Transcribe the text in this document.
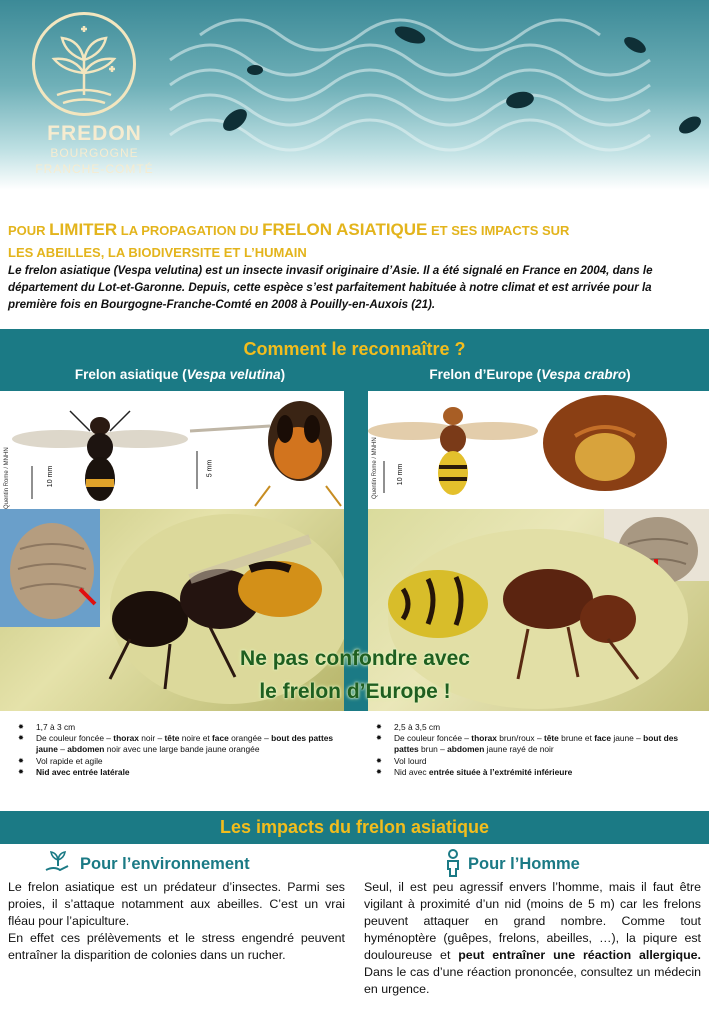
FREDON
BOURGOGNE
FRANCHE-COMTÉ
POUR LIMITER LA PROPAGATION DU FRELON ASIATIQUE ET SES IMPACTS SUR
LES ABEILLES, LA BIODIVERSITE ET L’HUMAIN
Le frelon asiatique (Vespa velutina) est un insecte invasif originaire d’Asie. Il a été signalé en France en 2004, dans le département du Lot-et-Garonne. Depuis, cette espèce s’est parfaitement habituée à notre climat et est arrivée pour la première fois en Bourgogne-Franche-Comté en 2008 à Pouilly-en-Auxois (21).
Comment le reconnaître ?
Frelon asiatique (Vespa velutina)	Frelon d’Europe (Vespa crabro)
Quentin Rome / MNHN	10 mm	5 mm	Quentin Rome / MNHN	10 mm
Ne pas confondre avec
le frelon d’Europe !
✸ 1,7 à 3 cm
✸ De couleur foncée – thorax noir – tête noire et face orangée – bout des pattes jaune – abdomen noir avec une large bande jaune orangée
✸ Vol rapide et agile
✸ Nid avec entrée latérale
✸ 2,5 à 3,5 cm
✸ De couleur foncée – thorax brun/roux – tête brune et face jaune – bout des pattes brun – abdomen jaune rayé de noir
✸ Vol lourd
✸ Nid avec entrée située à l’extrémité inférieure
Les impacts du frelon asiatique
Pour l’environnement	Pour l’Homme

Le frelon asiatique est un prédateur d’insectes. Parmi ses proies, il s’attaque notamment aux abeilles. C’est un vrai fléau pour l’apiculture.

En effet ces prélèvements et le stress engendré peuvent entraîner la disparition de colonies dans un rucher.

Seul, il est peu agressif envers l’homme, mais il faut être vigilant à proximité d’un nid (moins de 5 m) car les frelons peuvent attaquer en grand nombre. Comme tout hyménoptère (guêpes, frelons, abeilles, …), la piqure est douloureuse et peut entraîner une réaction allergique. Dans le cas d’une réaction prononcée, consultez un médecin en urgence.
